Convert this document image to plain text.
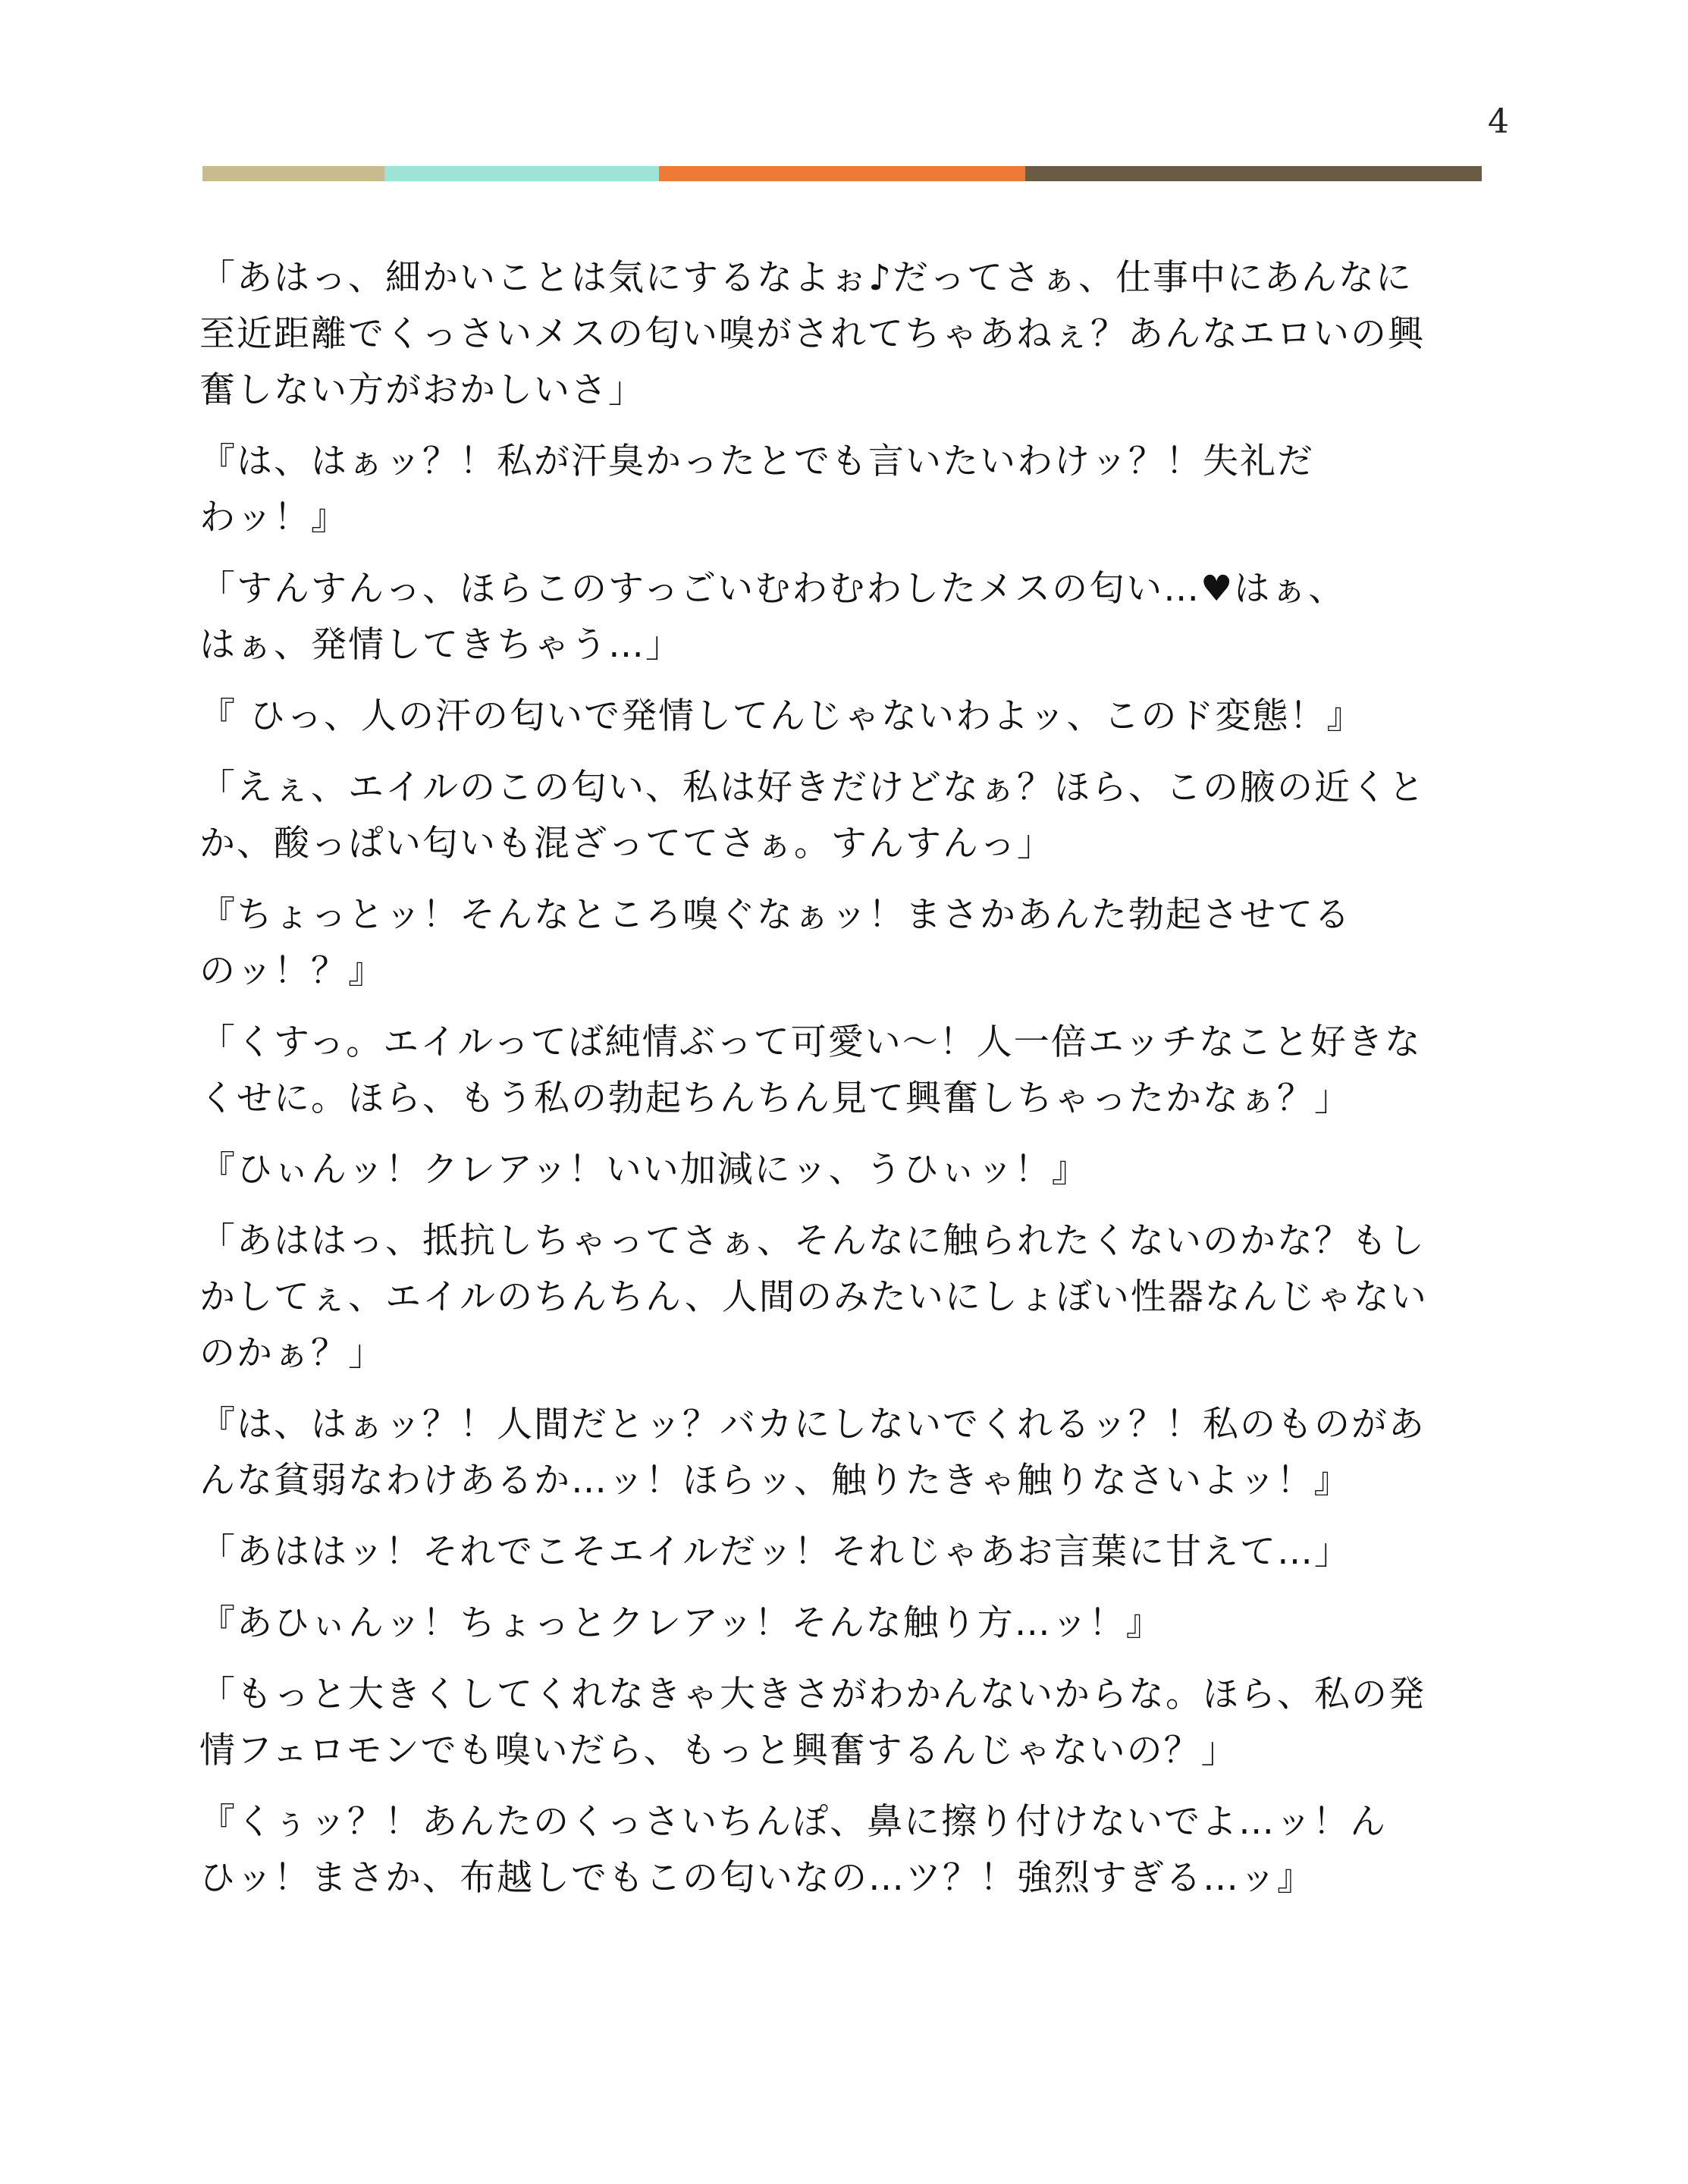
4

「あはっ、細かいことは気にするなよぉ♪だってさぁ、仕事中にあんなに
至近距離でくっさいメスの匂い嗅がされてちゃあねぇ？あんなエロいの興
奮しない方がおかしいさ」

『は、はぁッ？！私が汗臭かったとでも言いたいわけッ？！失礼だ
わッ！』

「すんすんっ、ほらこのすっごいむわむわしたメスの匂い…♥はぁ、
はぁ、発情してきちゃう…」

『 ひっ、人の汗の匂いで発情してんじゃないわよッ、このド変態！』

「えぇ、エイルのこの匂い、私は好きだけどなぁ？ほら、この腋の近くと
か、酸っぱい匂いも混ざっててさぁ。すんすんっ」

『ちょっとッ！そんなところ嗅ぐなぁッ！まさかあんた勃起させてる
のッ！？』

「くすっ。エイルってば純情ぶって可愛い〜！人一倍エッチなこと好きな
くせに。ほら、もう私の勃起ちんちん見て興奮しちゃったかなぁ？」

『ひぃんッ！クレアッ！いい加減にッ、うひぃッ！』

「あははっ、抵抗しちゃってさぁ、そんなに触られたくないのかな？もし
かしてぇ、エイルのちんちん、人間のみたいにしょぼい性器なんじゃない
のかぁ？」

『は、はぁッ？！人間だとッ？バカにしないでくれるッ？！私のものがあ
んな貧弱なわけあるか…ッ！ほらッ、触りたきゃ触りなさいよッ！』

「あははッ！それでこそエイルだッ！それじゃあお言葉に甘えて…」

『あひぃんッ！ちょっとクレアッ！そんな触り方…ッ！』

「もっと大きくしてくれなきゃ大きさがわかんないからな。ほら、私の発
情フェロモンでも嗅いだら、もっと興奮するんじゃないの？」

『くぅッ？！あんたのくっさいちんぽ、鼻に擦り付けないでよ…ッ！ん
ひッ！まさか、布越しでもこの匂いなの…ツ？！強烈すぎる…ッ』
